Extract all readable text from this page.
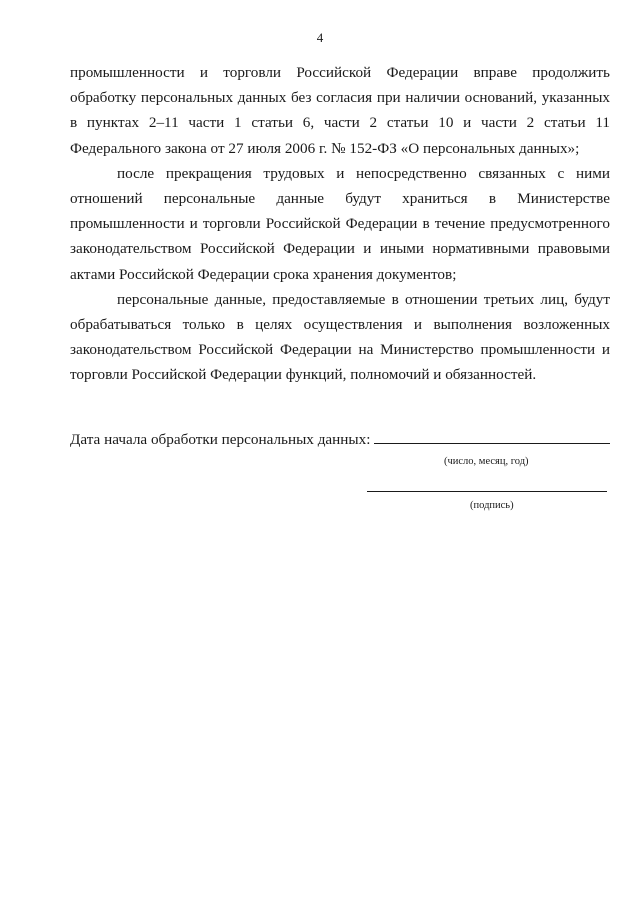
4

промышленности и торговли Российской Федерации вправе продолжить обработку персональных данных без согласия при наличии оснований, указанных в пунктах 2–11 части 1 статьи 6, части 2 статьи 10 и части 2 статьи 11 Федерального закона от 27 июля 2006 г. № 152-ФЗ «О персональных данных»;

после прекращения трудовых и непосредственно связанных с ними отношений персональные данные будут храниться в Министерстве промышленности и торговли Российской Федерации в течение предусмотренного законодательством Российской Федерации и иными нормативными правовыми актами Российской Федерации срока хранения документов;

персональные данные, предоставляемые в отношении третьих лиц, будут обрабатываться только в целях осуществления и выполнения возложенных законодательством Российской Федерации на Министерство промышленности и торговли Российской Федерации функций, полномочий и обязанностей.

Дата начала обработки персональных данных:
(число, месяц, год)
(подпись)
